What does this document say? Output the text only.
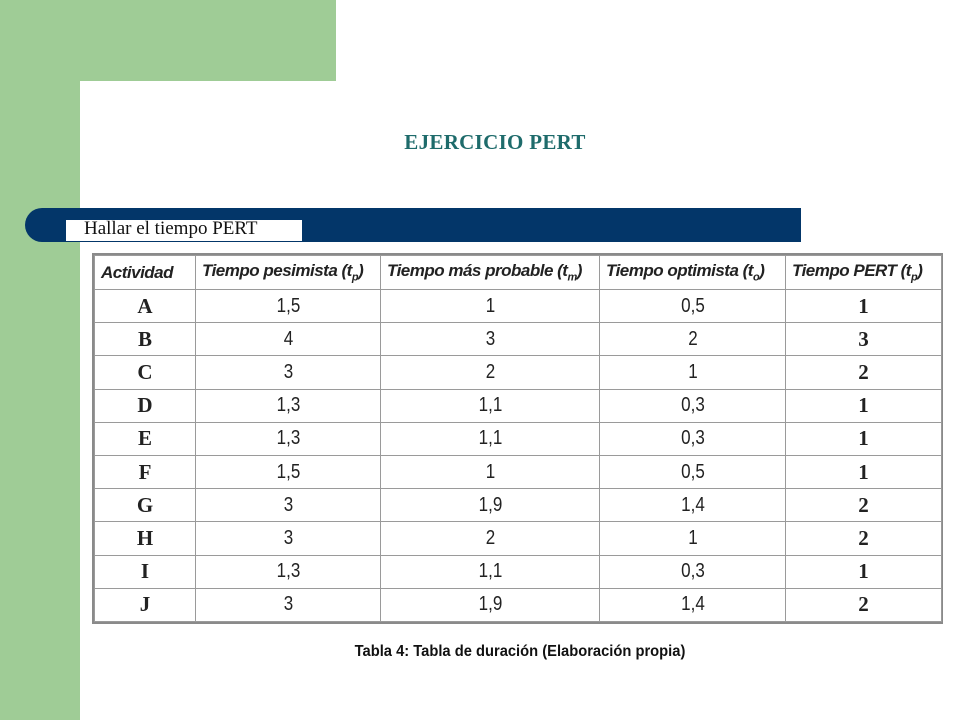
EJERCICIO PERT
Hallar el tiempo PERT
Actividad	Tiempo pesimista $(t_p)$	Tiempo más probable $(t_m)$	Tiempo optimista $(t_o)$	Tiempo PERT $(t_p)$
A	1,5	1	0,5	1
B	4	3	2	3
C	3	2	1	2
D	1,3	1,1	0,3	1
E	1,3	1,1	0,3	1
F	1,5	1	0,5	1
G	3	1,9	1,4	2
H	3	2	1	2
I	1,3	1,1	0,3	1
J	3	1,9	1,4	2
Tabla 4: Tabla de duración (Elaboración propia)
